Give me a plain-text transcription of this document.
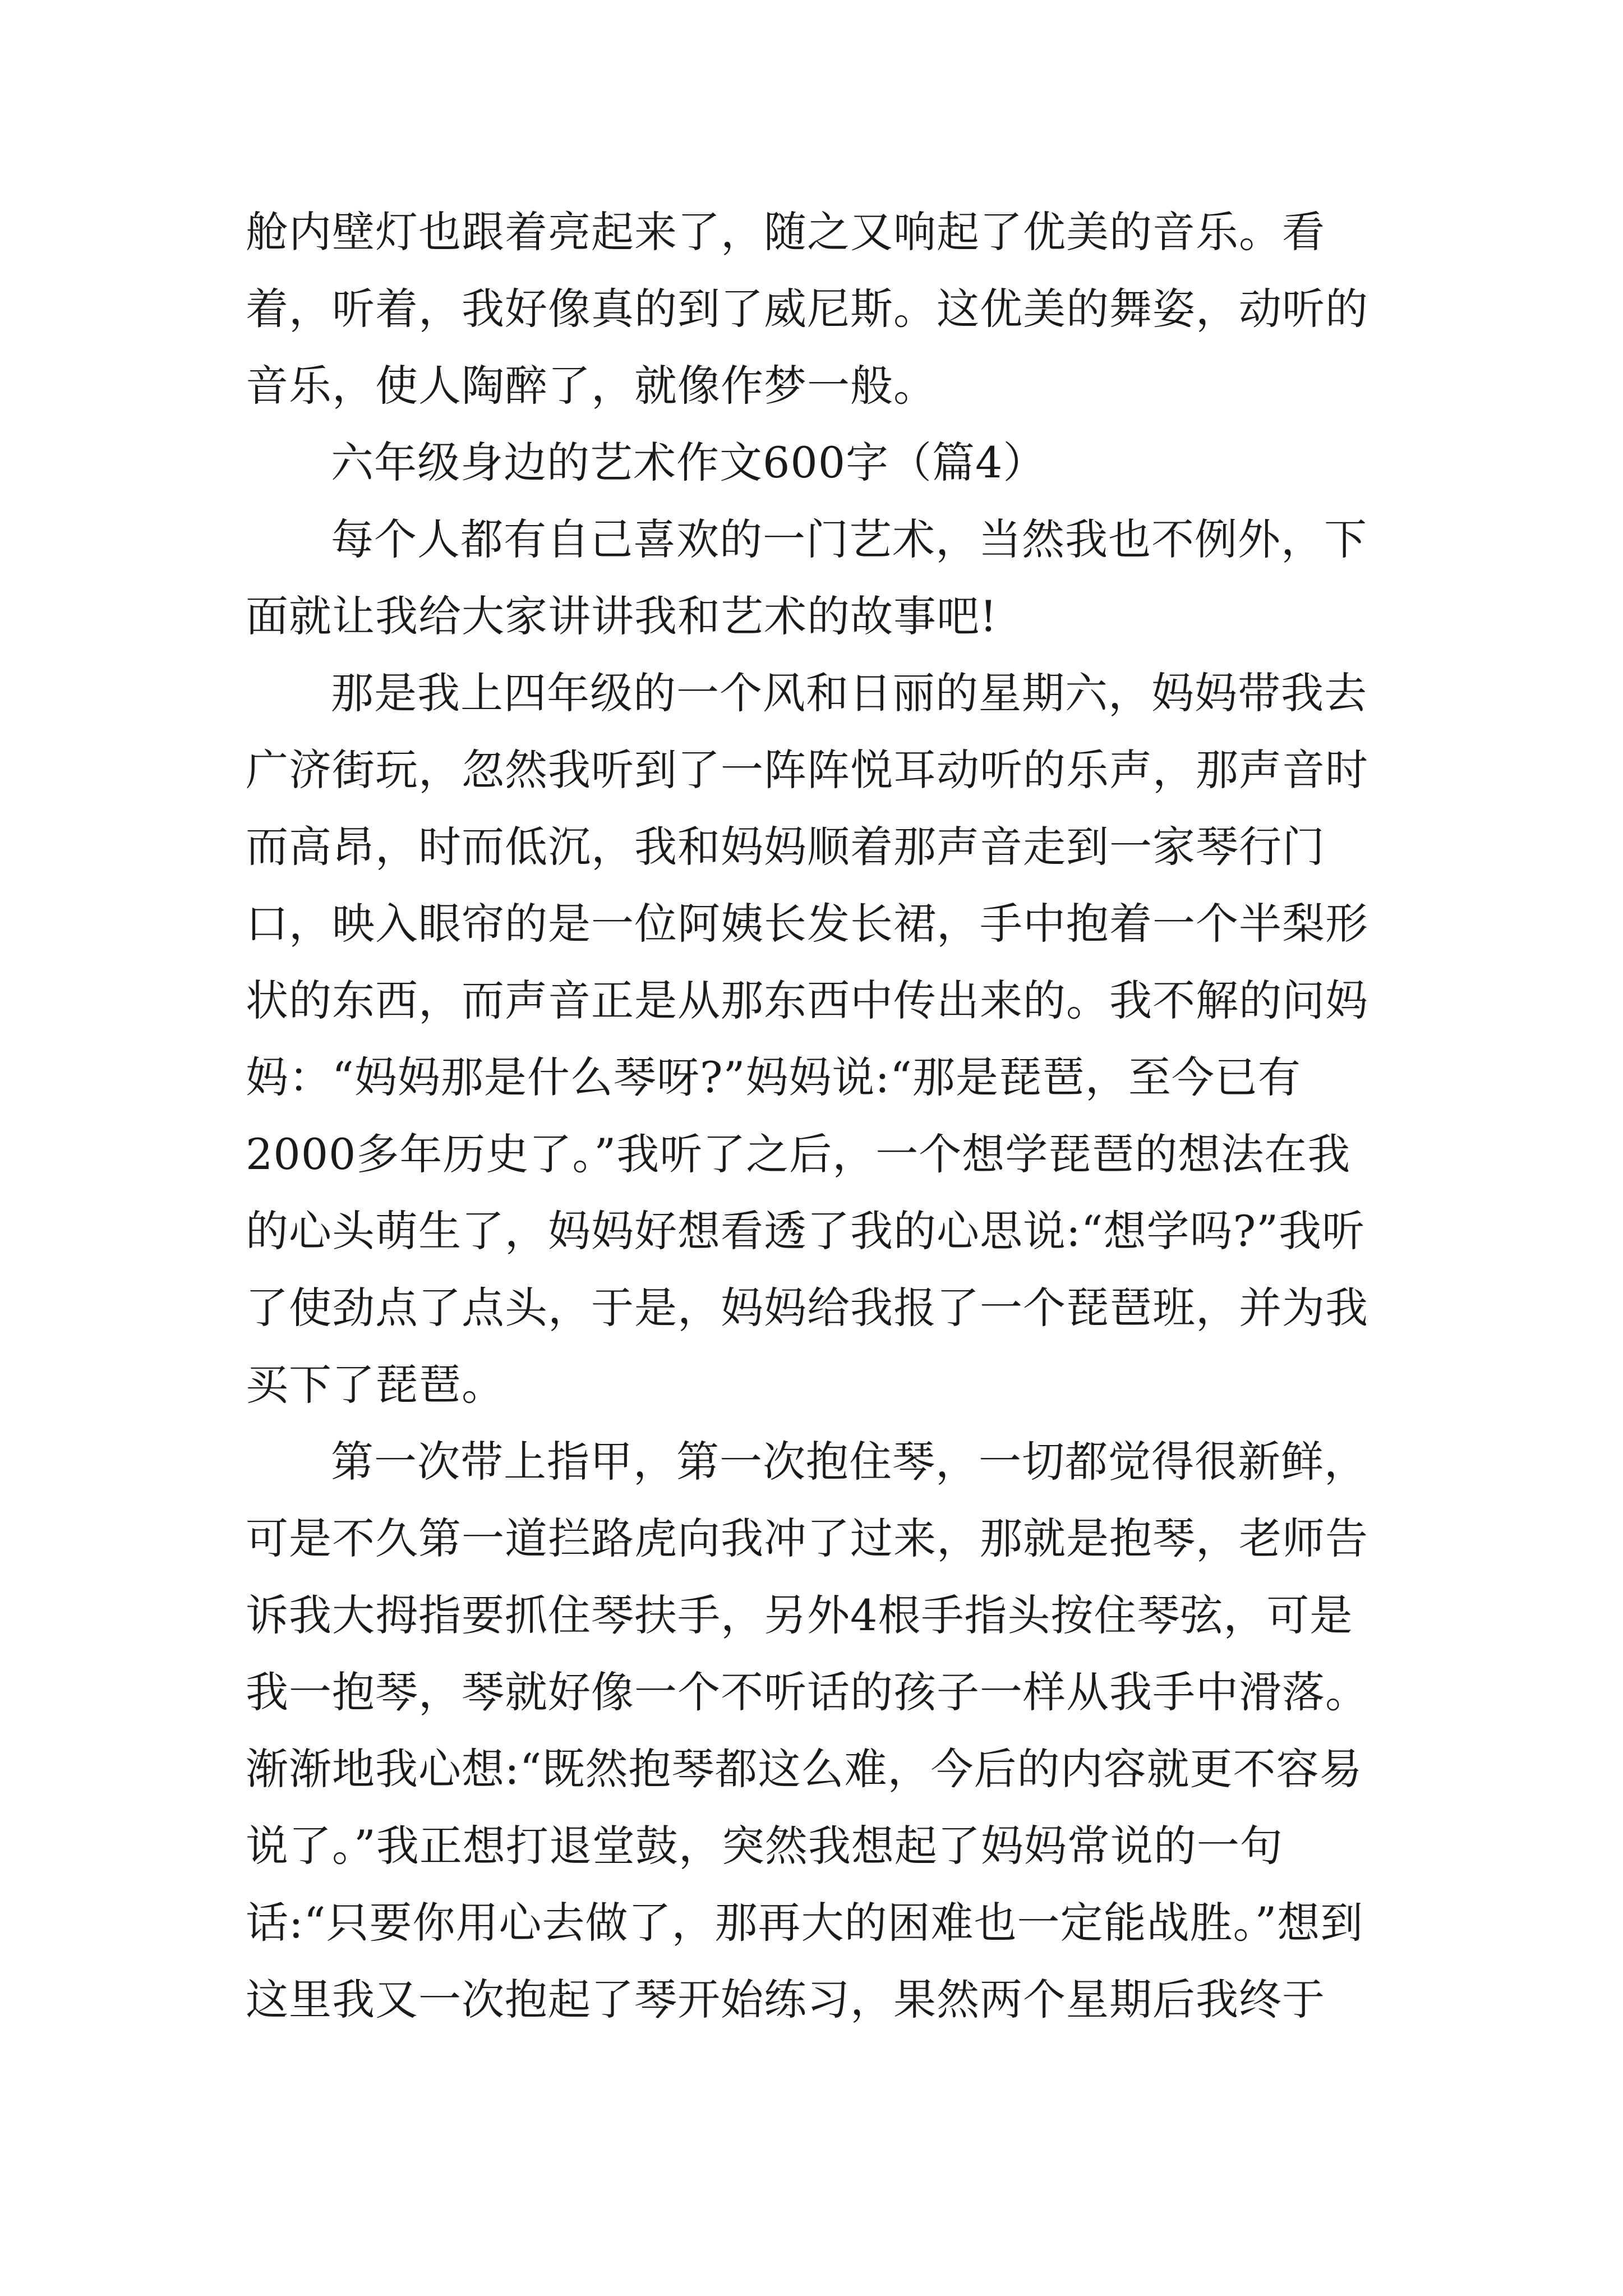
舱内壁灯也跟着亮起来了，随之又响起了优美的音乐。看着，听着，我好像真的到了威尼斯。这优美的舞姿，动听的音乐，使人陶醉了，就像作梦一般。

六年级身边的艺术作文600字（篇4）

每个人都有自己喜欢的一门艺术，当然我也不例外，下面就让我给大家讲讲我和艺术的故事吧!

那是我上四年级的一个风和日丽的星期六，妈妈带我去广济街玩，忽然我听到了一阵阵悦耳动听的乐声，那声音时而高昂，时而低沉，我和妈妈顺着那声音走到一家琴行门口，映入眼帘的是一位阿姨长发长裙，手中抱着一个半梨形状的东西，而声音正是从那东西中传出来的。我不解的问妈妈：“妈妈那是什么琴呀?”妈妈说:“那是琵琶，至今已有2000多年历史了。”我听了之后，一个想学琵琶的想法在我的心头萌生了，妈妈好想看透了我的心思说:“想学吗?”我听了使劲点了点头，于是，妈妈给我报了一个琵琶班，并为我买下了琵琶。

第一次带上指甲，第一次抱住琴，一切都觉得很新鲜，可是不久第一道拦路虎向我冲了过来，那就是抱琴，老师告诉我大拇指要抓住琴扶手，另外4根手指头按住琴弦，可是我一抱琴，琴就好像一个不听话的孩子一样从我手中滑落。渐渐地我心想:“既然抱琴都这么难，今后的内容就更不容易说了。”我正想打退堂鼓，突然我想起了妈妈常说的一句话:“只要你用心去做了，那再大的困难也一定能战胜。”想到这里我又一次抱起了琴开始练习，果然两个星期后我终于
